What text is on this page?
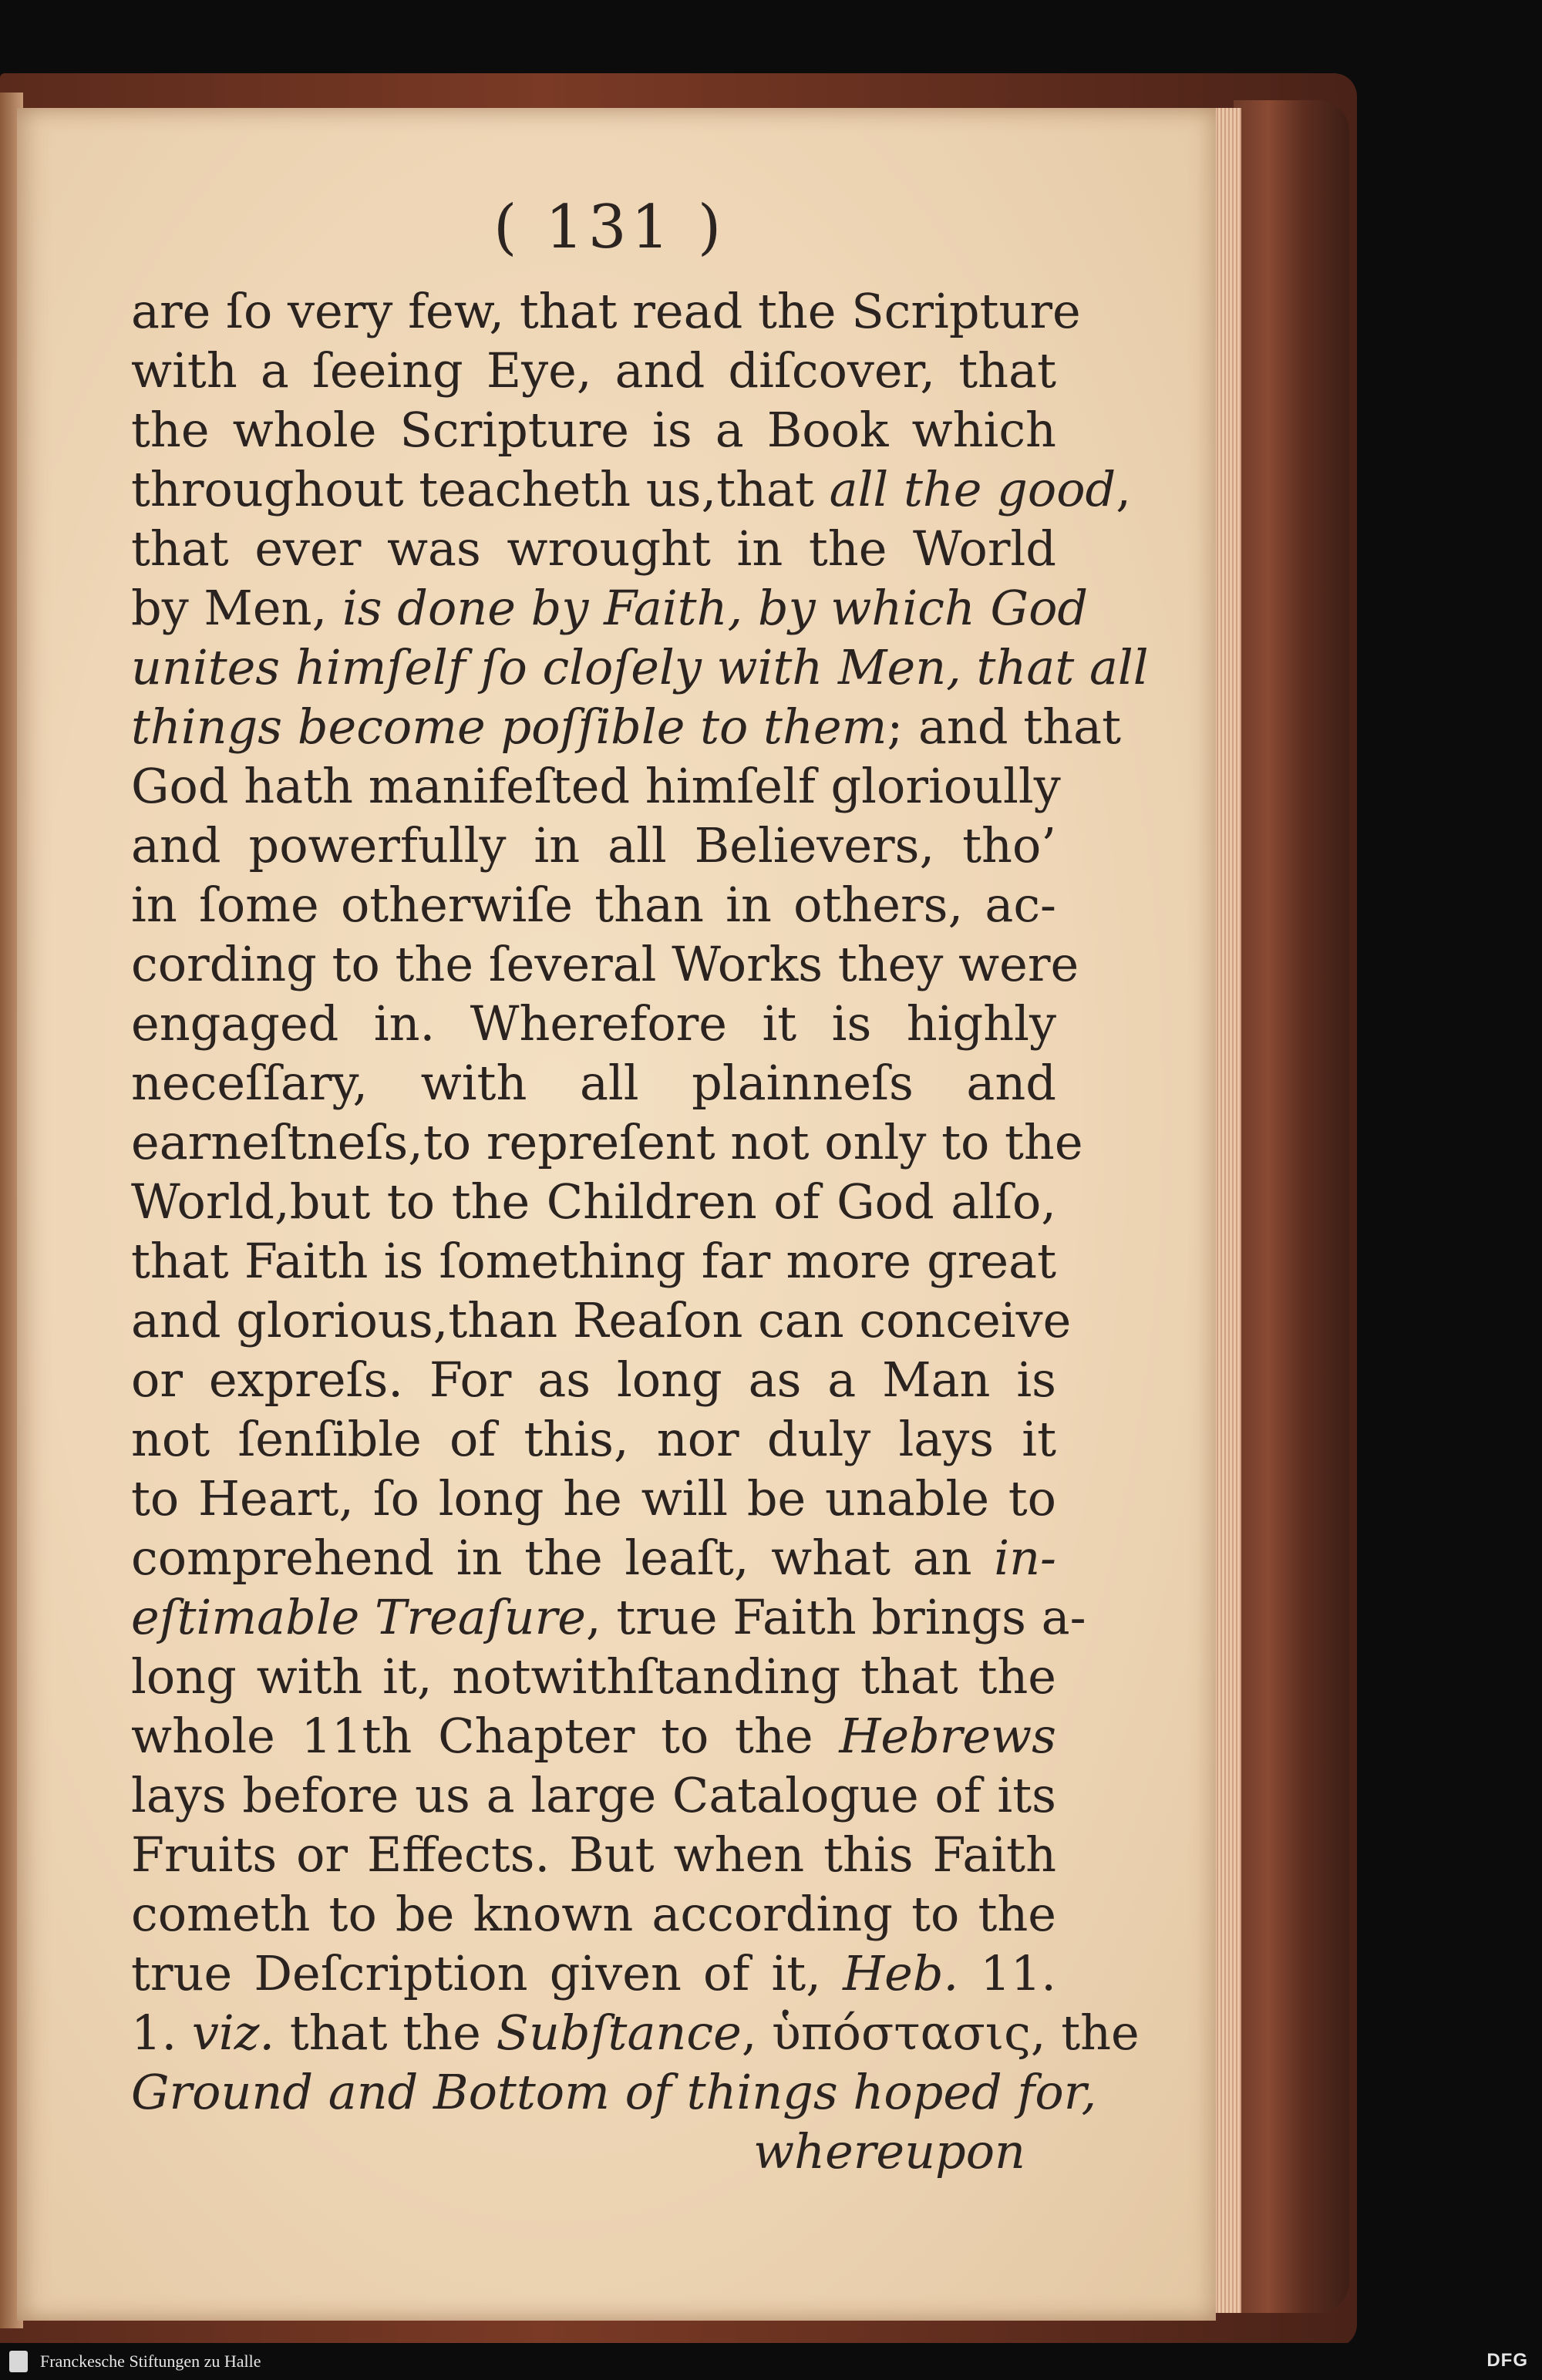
( 131 )
are ſo very few, that read the Scripture
with a ſeeing Eye, and diſcover, that
the whole Scripture is a Book which
throughout teacheth us,that all the good,
that ever was wrought in the World
by Men, is done by Faith, by which God
unites himſelf ſo cloſely with Men, that all
things become poſſible to them; and that
God hath manifeſted himſelf glorioully
and powerfully in all Believers, tho’
in ſome otherwiſe than in others, ac-
cording to the ſeveral Works they were
engaged in. Wherefore it is highly
neceſſary, with all plainneſs and
earneſtneſs,to repreſent not only to the
World,but to the Children of God alſo,
that Faith is ſomething far more great
and glorious,than Reaſon can conceive
or expreſs. For as long as a Man is
not ſenſible of this, nor duly lays it
to Heart, ſo long he will be unable to
comprehend in the leaſt, what an in-
eſtimable Treaſure, true Faith brings a-
long with it, notwithſtanding that the
whole 11th Chapter to the Hebrews
lays before us a large Catalogue of its
Fruits or Effects. But when this Faith
cometh to be known according to the
true Deſcription given of it, Heb. 11.
1. viz. that the Subſtance, ὑπόστασις, the
Ground and Bottom of things hoped for,
whereupon
Franckesche Stiftungen zu Halle	DFG
